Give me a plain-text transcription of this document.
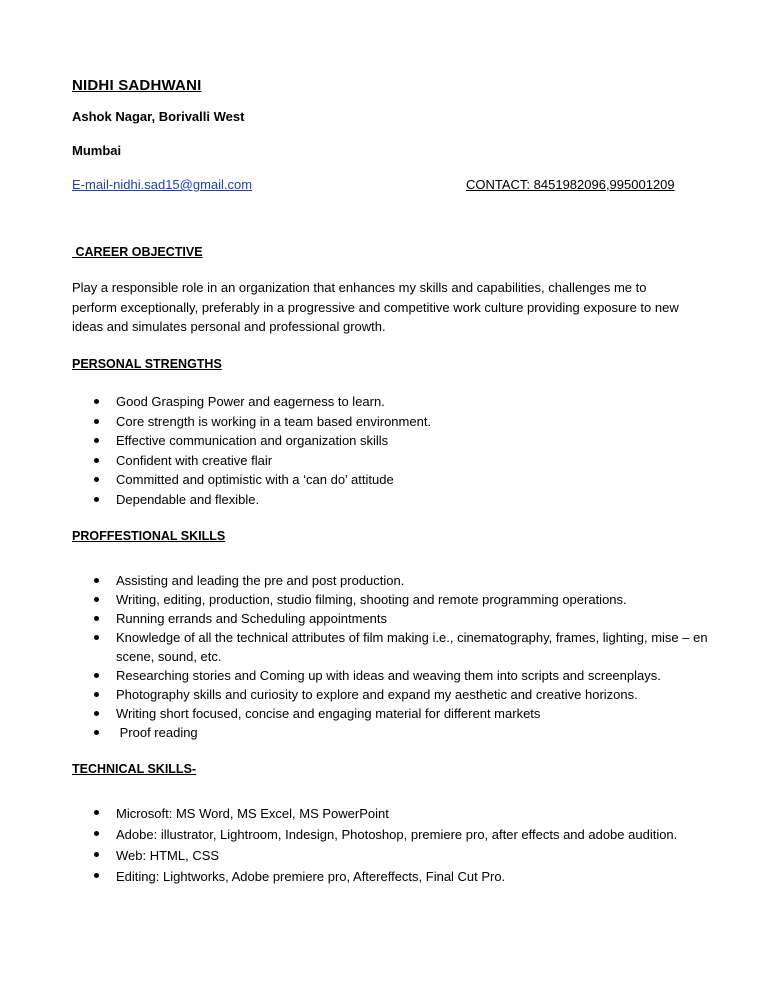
NIDHI SADHWANI
Ashok Nagar, Borivalli West
Mumbai
E-mail-nidhi.sad15@gmail.com	CONTACT: 8451982096,995001209
CAREER OBJECTIVE
Play a responsible role in an organization that enhances my skills and capabilities, challenges me to perform exceptionally, preferably in a progressive and competitive work culture providing exposure to new ideas and simulates personal and professional growth.
PERSONAL STRENGTHS
Good Grasping Power and eagerness to learn.
Core strength is working in a team based environment.
Effective communication and organization skills
Confident with creative flair
Committed and optimistic with a ‘can do’ attitude
Dependable and flexible.
PROFFESTIONAL SKILLS
Assisting and leading the pre and post production.
Writing, editing, production, studio filming, shooting and remote programming operations.
Running errands and Scheduling appointments
Knowledge of all the technical attributes of film making i.e., cinematography, frames, lighting, mise – en scene, sound, etc.
Researching stories and Coming up with ideas and weaving them into scripts and screenplays.
Photography skills and curiosity to explore and expand my aesthetic and creative horizons.
Writing short focused, concise and engaging material for different markets
Proof reading
TECHNICAL SKILLS-
Microsoft: MS Word, MS Excel, MS PowerPoint
Adobe: illustrator, Lightroom, Indesign, Photoshop, premiere pro, after effects and adobe audition.
Web: HTML, CSS
Editing: Lightworks, Adobe premiere pro, Aftereffects, Final Cut Pro.
